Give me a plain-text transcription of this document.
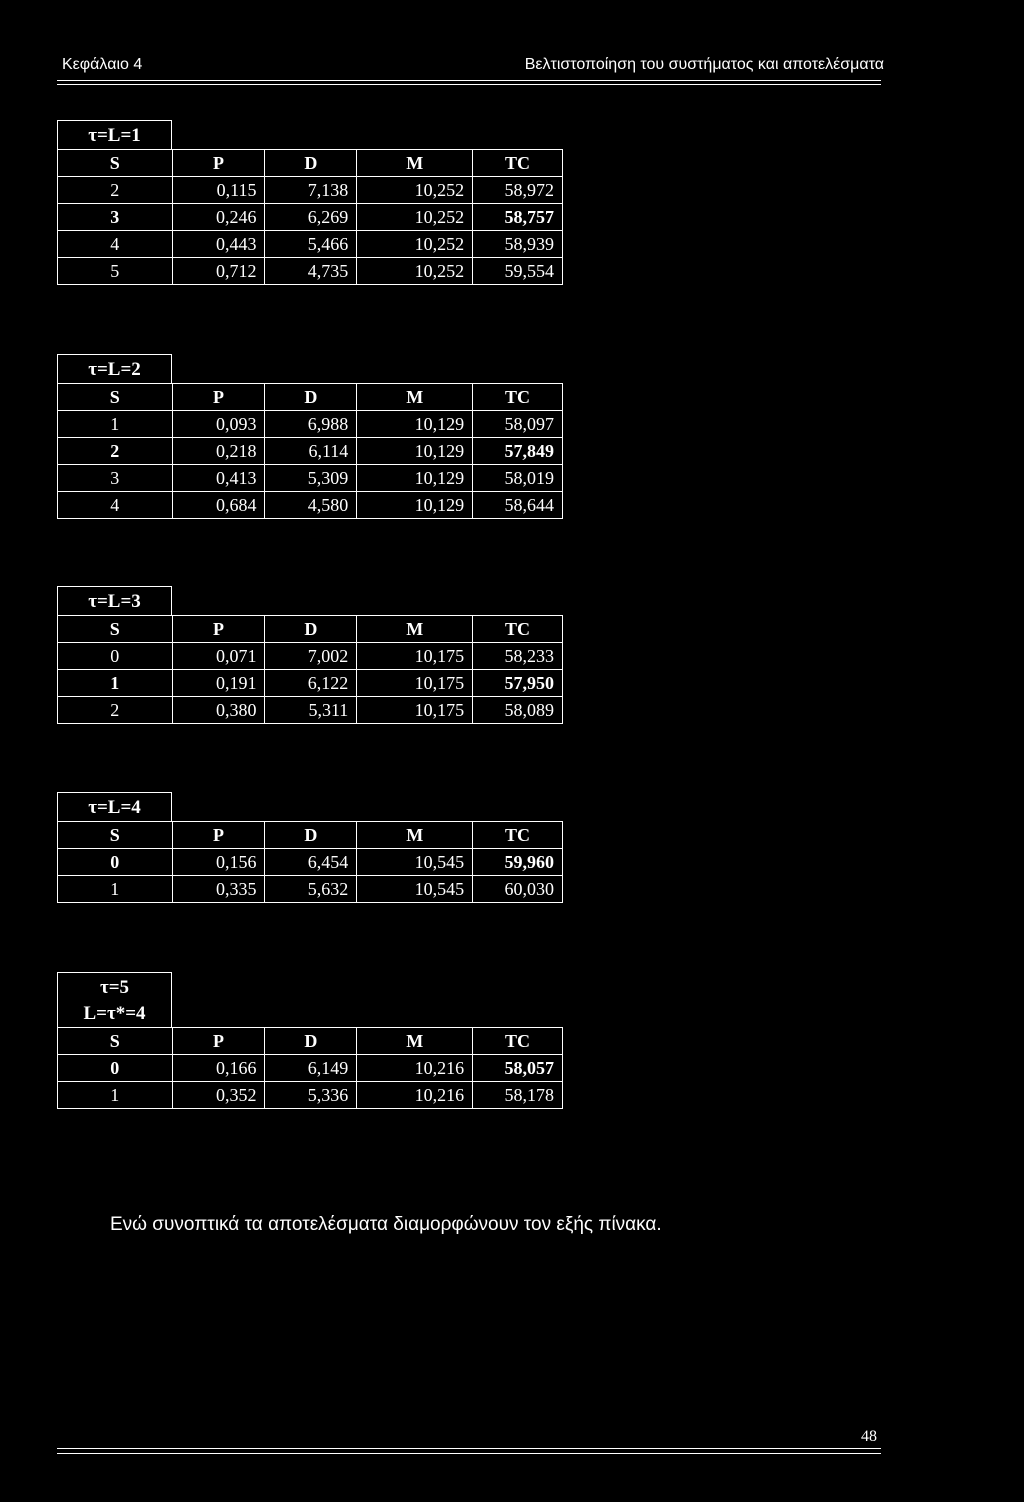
Κεφάλαιο 4	Βελτιστοποίηση του συστήματος και αποτελέσματα
τ=L=1
S	P	D	M	TC
2	0,115	7,138	10,252	58,972
3	0,246	6,269	10,252	58,757
4	0,443	5,466	10,252	58,939
5	0,712	4,735	10,252	59,554
τ=L=2
S	P	D	M	TC
1	0,093	6,988	10,129	58,097
2	0,218	6,114	10,129	57,849
3	0,413	5,309	10,129	58,019
4	0,684	4,580	10,129	58,644
τ=L=3
S	P	D	M	TC
0	0,071	7,002	10,175	58,233
1	0,191	6,122	10,175	57,950
2	0,380	5,311	10,175	58,089
τ=L=4
S	P	D	M	TC
0	0,156	6,454	10,545	59,960
1	0,335	5,632	10,545	60,030
τ=5
L=τ*=4
S	P	D	M	TC
0	0,166	6,149	10,216	58,057
1	0,352	5,336	10,216	58,178
Ενώ συνοπτικά τα αποτελέσματα διαμορφώνουν τον εξής πίνακα.
48
